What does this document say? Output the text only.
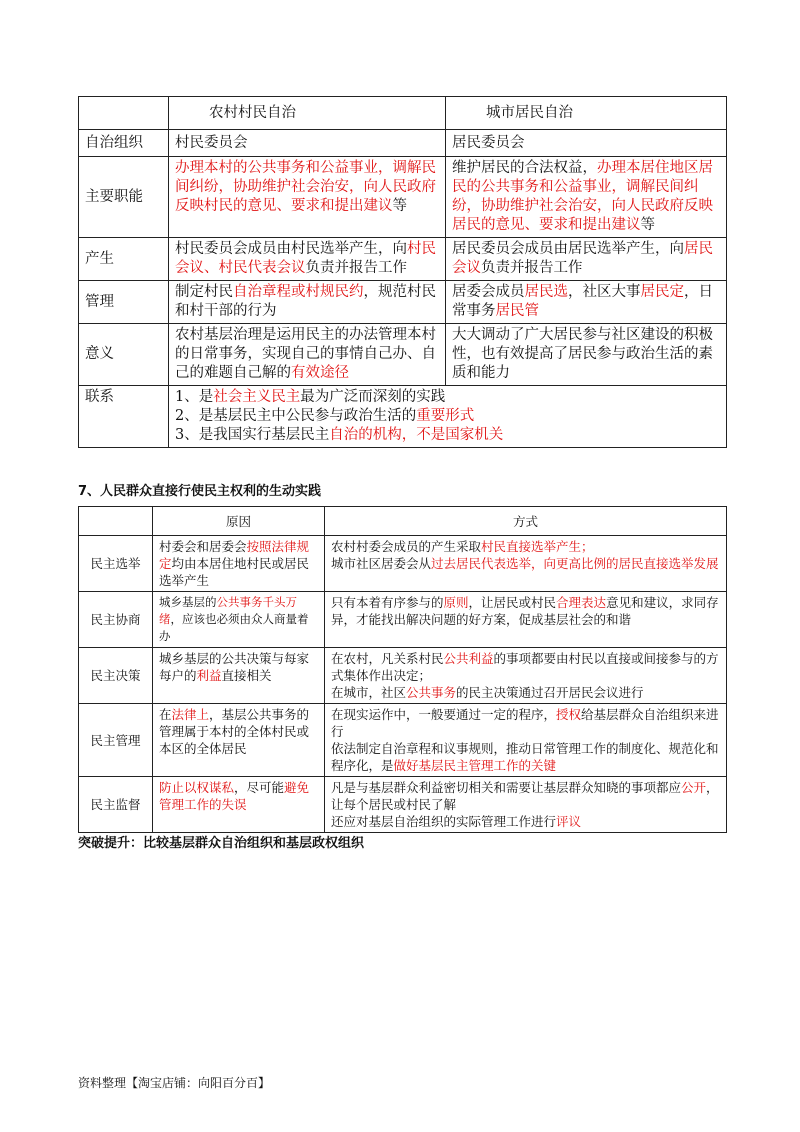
	农村村民自治	城市居民自治
自治组织	村民委员会	居民委员会
主要职能	办理本村的公共事务和公益事业，调解民间纠纷，协助维护社会治安，向人民政府反映村民的意见、要求和提出建议等	维护居民的合法权益，办理本居住地区居民的公共事务和公益事业，调解民间纠纷，协助维护社会治安，向人民政府反映居民的意见、要求和提出建议等
产生	村民委员会成员由村民选举产生，向村民会议、村民代表会议负责并报告工作	居民委员会成员由居民选举产生，向居民会议负责并报告工作
管理	制定村民自治章程或村规民约，规范村民和村干部的行为	居委会成员居民选，社区大事居民定，日常事务居民管
意义	农村基层治理是运用民主的办法管理本村的日常事务，实现自己的事情自己办、自己的难题自己解的有效途径	大大调动了广大居民参与社区建设的积极性，也有效提高了居民参与政治生活的素质和能力
联系	1、是社会主义民主最为广泛而深刻的实践
2、是基层民主中公民参与政治生活的重要形式
3、是我国实行基层民主自治的机构，不是国家机关	
7、人民群众直接行使民主权利的生动实践
	原因	方式
民主选举	村委会和居委会按照法律规定均由本居住地村民或居民选举产生	农村村委会成员的产生采取村民直接选举产生；
城市社区居委会从过去居民代表选举，向更高比例的居民直接选举发展

民主协商	城乡基层的公共事务千头万绪，应该也必须由众人商量着办	只有本着有序参与的原则，让居民或村民合理表达意见和建议，求同存异，才能找出解决问题的好方案，促成基层社会的和谐
民主决策	城乡基层的公共决策与每家每户的利益直接相关	在农村，凡关系村民公共利益的事项都要由村民以直接或间接参与的方式集体作出决定；
在城市，社区公共事务的民主决策通过召开居民会议进行

民主管理	在法律上，基层公共事务的管理属于本村的全体村民或本区的全体居民	在现实运作中，一般要通过一定的程序，授权给基层群众自治组织来进行
依法制定自治章程和议事规则，推动日常管理工作的制度化、规范化和程序化，是做好基层民主管理工作的关键

民主监督	防止以权谋私，尽可能避免管理工作的失误	凡是与基层群众利益密切相关和需要让基层群众知晓的事项都应公开，让每个居民或村民了解
还应对基层自治组织的实际管理工作进行评议
突破提升：比较基层群众自治组织和基层政权组织
资料整理【淘宝店铺：向阳百分百】
